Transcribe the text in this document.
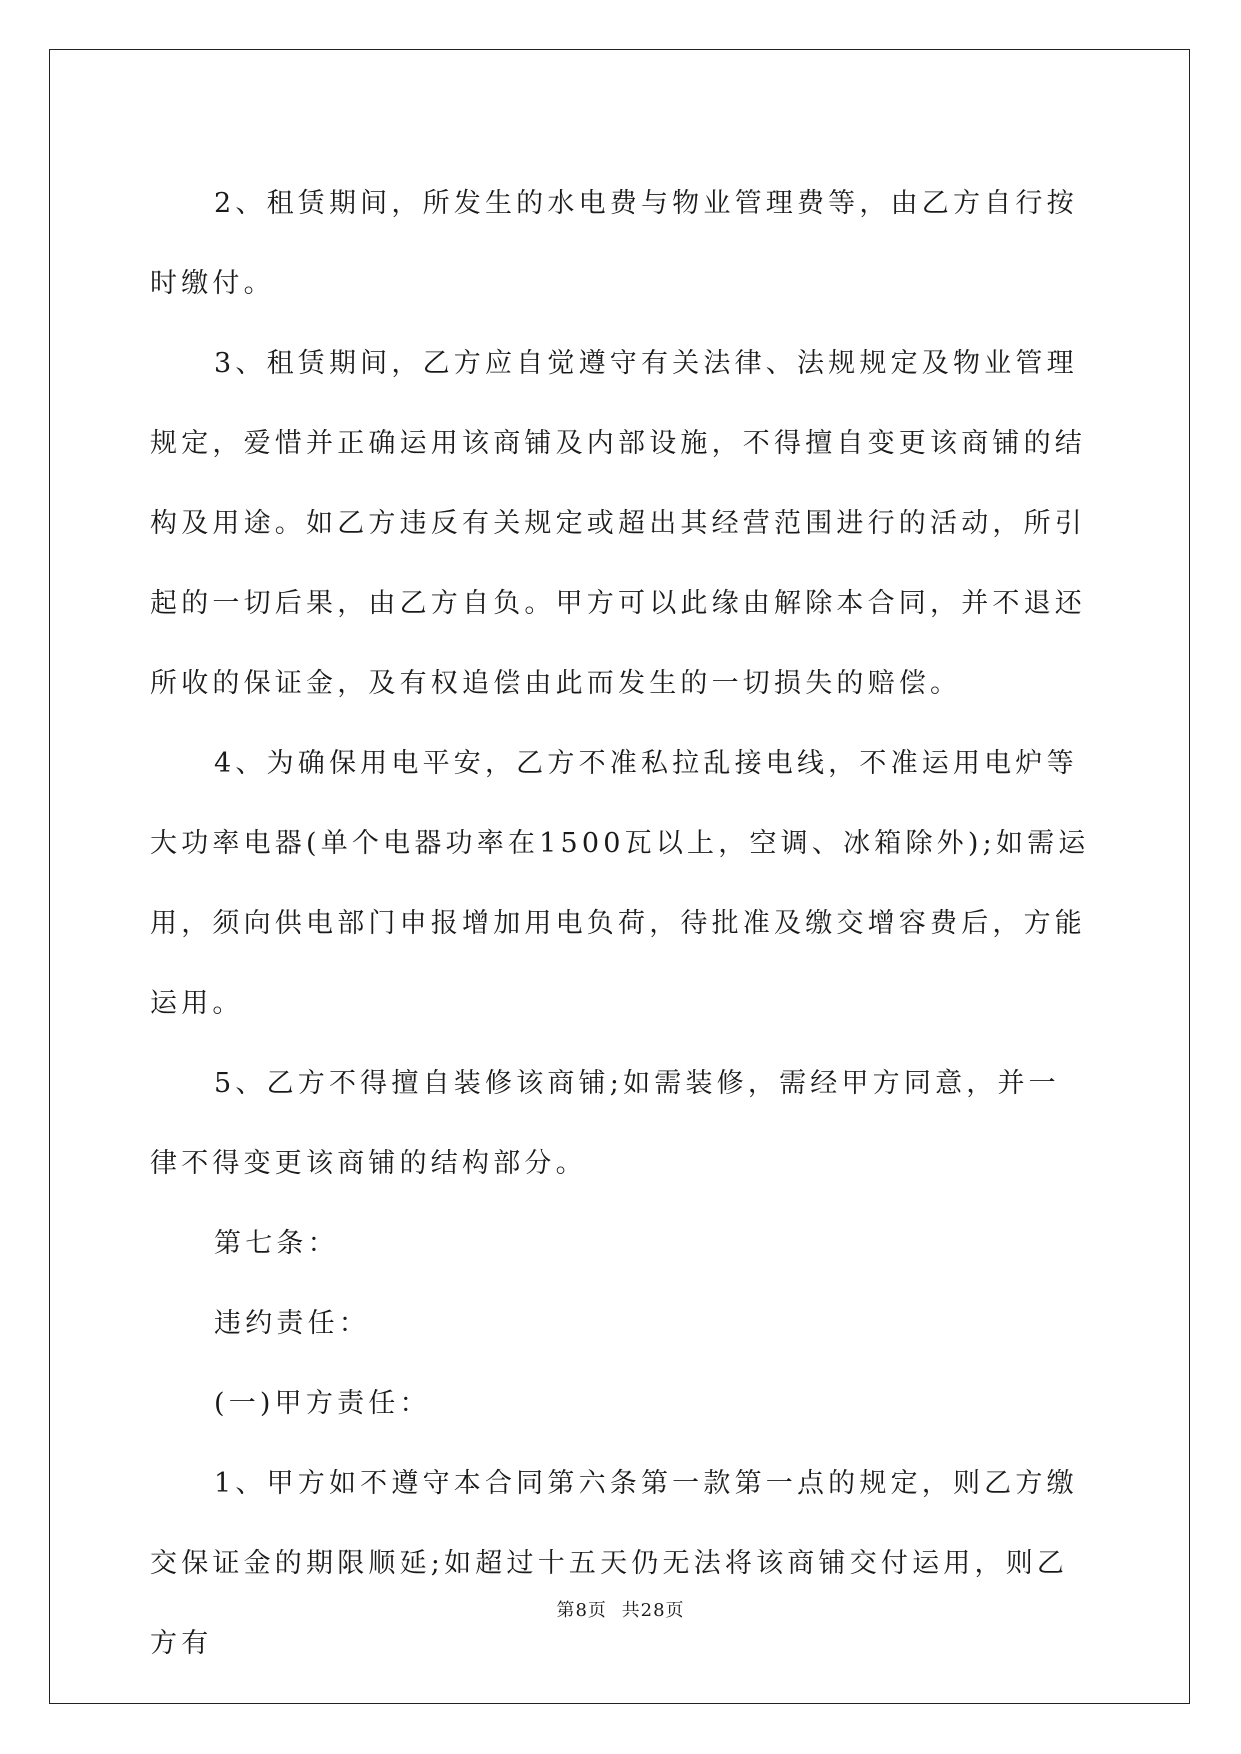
2、租赁期间，所发生的水电费与物业管理费等，由乙方自行按时缴付。

3、租赁期间，乙方应自觉遵守有关法律、法规规定及物业管理规定，爱惜并正确运用该商铺及内部设施，不得擅自变更该商铺的结构及用途。如乙方违反有关规定或超出其经营范围进行的活动，所引起的一切后果，由乙方自负。甲方可以此缘由解除本合同，并不退还所收的保证金，及有权追偿由此而发生的一切损失的赔偿。

4、为确保用电平安，乙方不准私拉乱接电线，不准运用电炉等大功率电器(单个电器功率在1500瓦以上，空调、冰箱除外);如需运用，须向供电部门申报增加用电负荷，待批准及缴交增容费后，方能运用。

5、乙方不得擅自装修该商铺;如需装修，需经甲方同意，并一律不得变更该商铺的结构部分。

第七条：

违约责任：

(一)甲方责任：

1、甲方如不遵守本合同第六条第一款第一点的规定，则乙方缴交保证金的期限顺延;如超过十五天仍无法将该商铺交付运用，则乙方有

第8页 共28页
